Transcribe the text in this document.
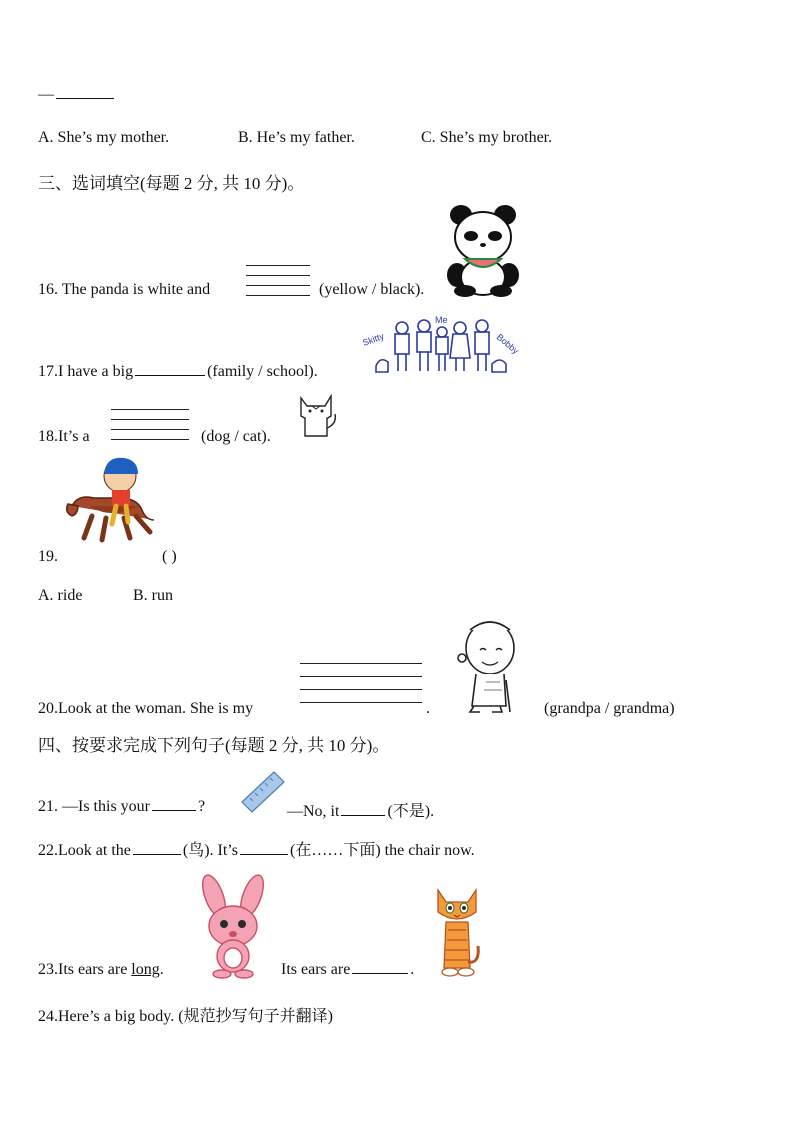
—
A. She’s my mother.	B. He’s my father.	C. She’s my brother.
三、选词填空(每题 2 分, 共 10 分)。
16. The panda is white and	(yellow / black).
17.I have a big	(family / school).
Skitty
Me
Bobby
18.It’s a	(dog / cat).
19.	( )
A. ride	B. run
20.Look at the woman. She is my	.	(grandpa / grandma)
四、按要求完成下列句子(每题 2 分, 共 10 分)。
21. —Is this your	?	—No, it	(不是).
22.Look at the	(鸟). It’s	(在……下面) the chair now.
23.Its ears are long.	Its ears are	.
24.Here’s a big body. (规范抄写句子并翻译)
